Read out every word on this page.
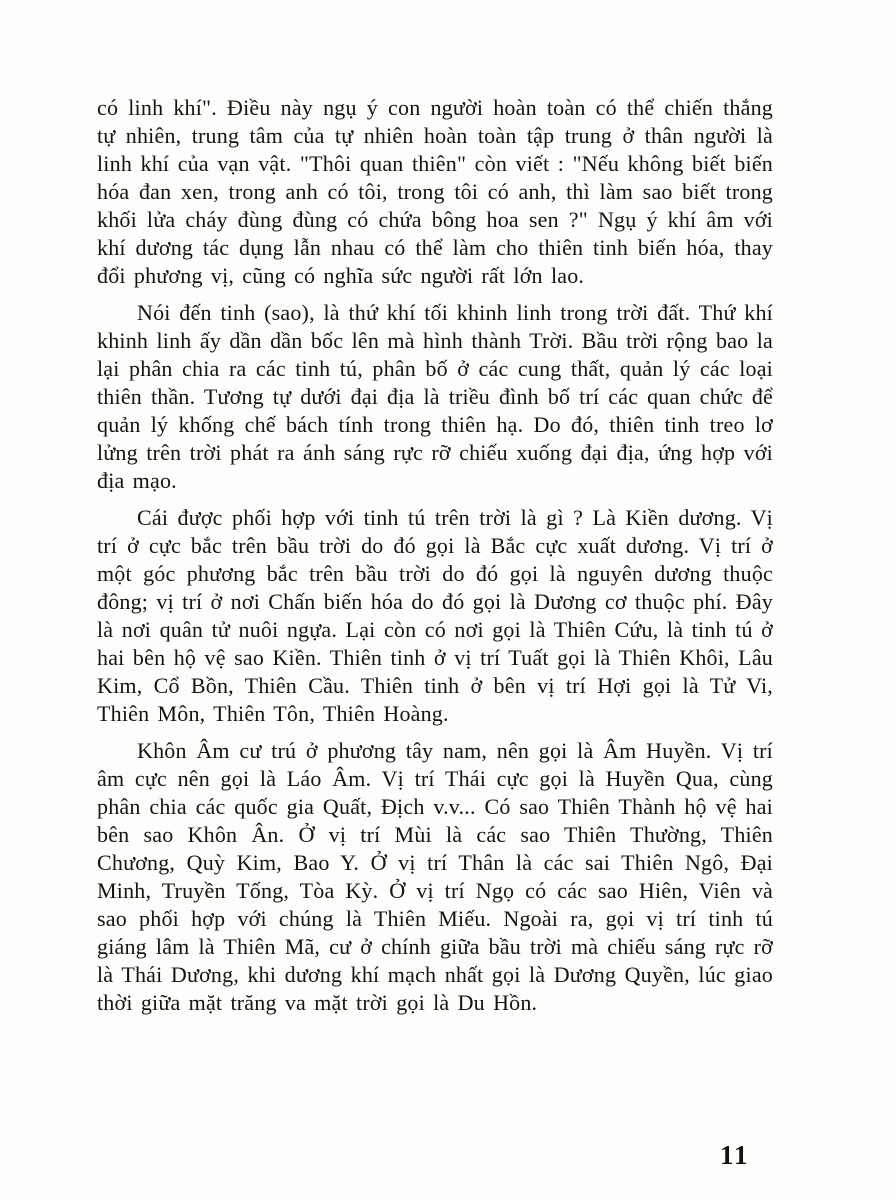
có linh khí". Điều này ngụ ý con người hoàn toàn có thể chiến thắng tự nhiên, trung tâm của tự nhiên hoàn toàn tập trung ở thân người là linh khí của vạn vật. "Thôi quan thiên" còn viết : "Nếu không biết biến hóa đan xen, trong anh có tôi, trong tôi có anh, thì làm sao biết trong khối lửa cháy đùng đùng có chứa bông hoa sen ?" Ngụ ý khí âm với khí dương tác dụng lẫn nhau có thể làm cho thiên tinh biến hóa, thay đổi phương vị, cũng có nghĩa sức người rất lớn lao.

Nói đến tinh (sao), là thứ khí tối khinh linh trong trời đất. Thứ khí khinh linh ấy dần dần bốc lên mà hình thành Trời. Bầu trời rộng bao la lại phân chia ra các tinh tú, phân bố ở các cung thất, quản lý các loại thiên thần. Tương tự dưới đại địa là triều đình bố trí các quan chức để quản lý khống chế bách tính trong thiên hạ. Do đó, thiên tinh treo lơ lửng trên trời phát ra ánh sáng rực rỡ chiếu xuống đại địa, ứng hợp với địa mạo.

Cái được phối hợp với tinh tú trên trời là gì ? Là Kiền dương. Vị trí ở cực bắc trên bầu trời do đó gọi là Bắc cực xuất dương. Vị trí ở một góc phương bắc trên bầu trời do đó gọi là nguyên dương thuộc đông; vị trí ở nơi Chấn biến hóa do đó gọi là Dương cơ thuộc phí. Đây là nơi quân tử nuôi ngựa. Lại còn có nơi gọi là Thiên Cứu, là tinh tú ở hai bên hộ vệ sao Kiền. Thiên tinh ở vị trí Tuất gọi là Thiên Khôi, Lâu Kim, Cổ Bồn, Thiên Cầu. Thiên tinh ở bên vị trí Hợi gọi là Tử Vi, Thiên Môn, Thiên Tôn, Thiên Hoàng.

Khôn Âm cư trú ở phương tây nam, nên gọi là Âm Huyền. Vị trí âm cực nên gọi là Láo Âm. Vị trí Thái cực gọi là Huyền Qua, cùng phân chia các quốc gia Quất, Địch v.v... Có sao Thiên Thành hộ vệ hai bên sao Khôn Ân. Ở vị trí Mùi là các sao Thiên Thường, Thiên Chương, Quỳ Kim, Bao Y. Ở vị trí Thân là các sai Thiên Ngô, Đại Minh, Truyền Tống, Tòa Kỳ. Ở vị trí Ngọ có các sao Hiên, Viên và sao phối hợp với chúng là Thiên Miếu. Ngoài ra, gọi vị trí tinh tú giáng lâm là Thiên Mã, cư ở chính giữa bầu trời mà chiếu sáng rực rỡ là Thái Dương, khi dương khí mạch nhất gọi là Dương Quyền, lúc giao thời giữa mặt trăng va mặt trời gọi là Du Hồn.

11
